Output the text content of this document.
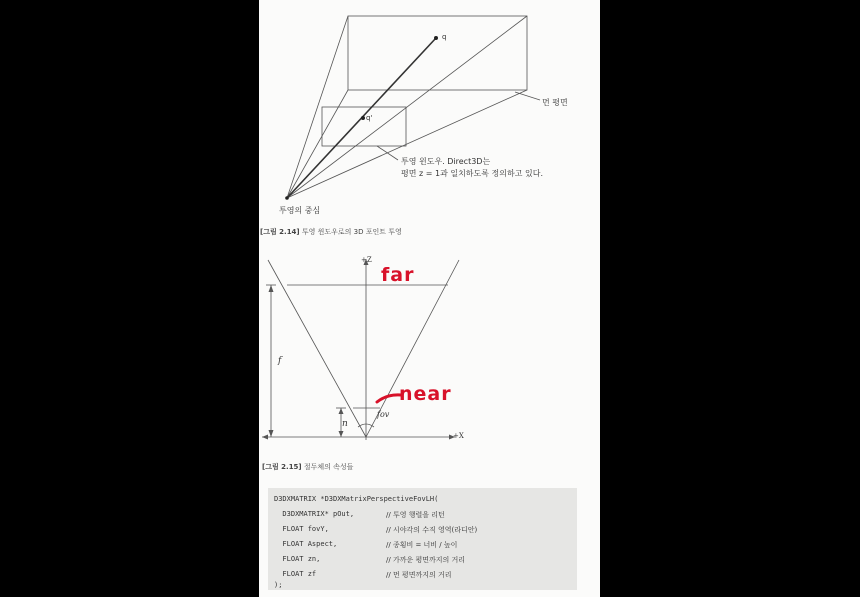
q
q'
먼 평면
투영 윈도우. Direct3D는
평면 z = 1과 일치하도록 정의하고 있다.
투영의 중심
[그림 2.14] 투영 윈도우로의 3D 포인트 투영
+Z
+X
f
n
fov
far
near
[그림 2.15] 절두체의 속성들
D3DXMATRIX *D3DXMatrixPerspectiveFovLH(
D3DXMATRIX* pOut,	// 투영 행렬을 리턴
FLOAT fovY,	// 시야각의 수직 영역(라디안)
FLOAT Aspect,	// 종횡비 = 너비 / 높이
FLOAT zn,	// 가까운 평면까지의 거리
FLOAT zf	// 먼 평면까지의 거리
);
